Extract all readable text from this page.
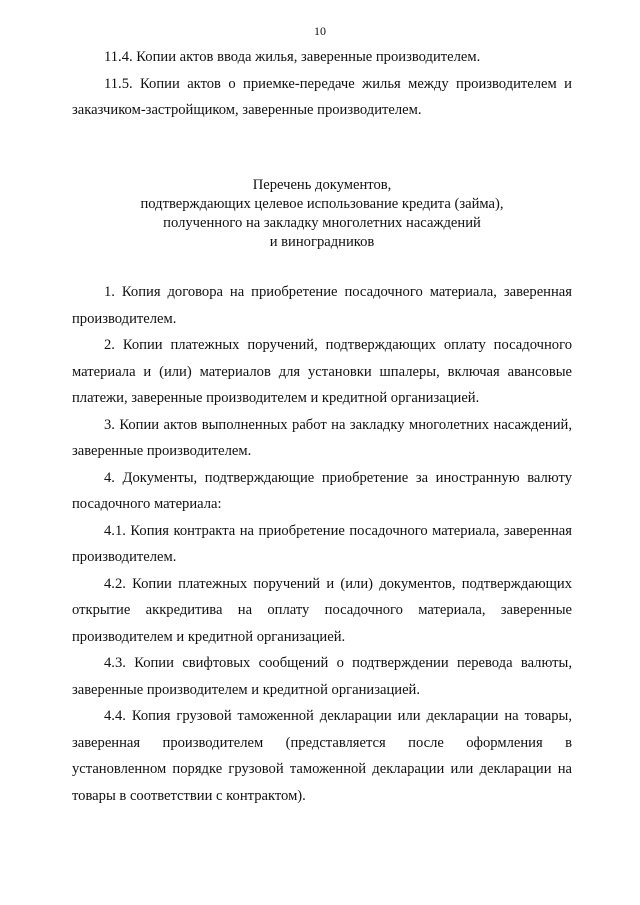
10

11.4. Копии актов ввода жилья, заверенные производителем.

11.5. Копии актов о приемке-передаче жилья между производителем и заказчиком-застройщиком, заверенные производителем.

Перечень документов,
подтверждающих целевое использование кредита (займа),
полученного на закладку многолетних насаждений
и виноградников

1. Копия договора на приобретение посадочного материала, заверенная производителем.

2. Копии платежных поручений, подтверждающих оплату посадочного материала и (или) материалов для установки шпалеры, включая авансовые платежи, заверенные производителем и кредитной организацией.

3. Копии актов выполненных работ на закладку многолетних насаждений, заверенные производителем.

4. Документы, подтверждающие приобретение за иностранную валюту посадочного материала:

4.1. Копия контракта на приобретение посадочного материала, заверенная производителем.

4.2. Копии платежных поручений и (или) документов, подтверждающих открытие аккредитива на оплату посадочного материала, заверенные производителем и кредитной организацией.

4.3. Копии свифтовых сообщений о подтверждении перевода валюты, заверенные производителем и кредитной организацией.

4.4. Копия грузовой таможенной декларации или декларации на товары, заверенная производителем (представляется после оформления в установленном порядке грузовой таможенной декларации или декларации на товары в соответствии с контрактом).
